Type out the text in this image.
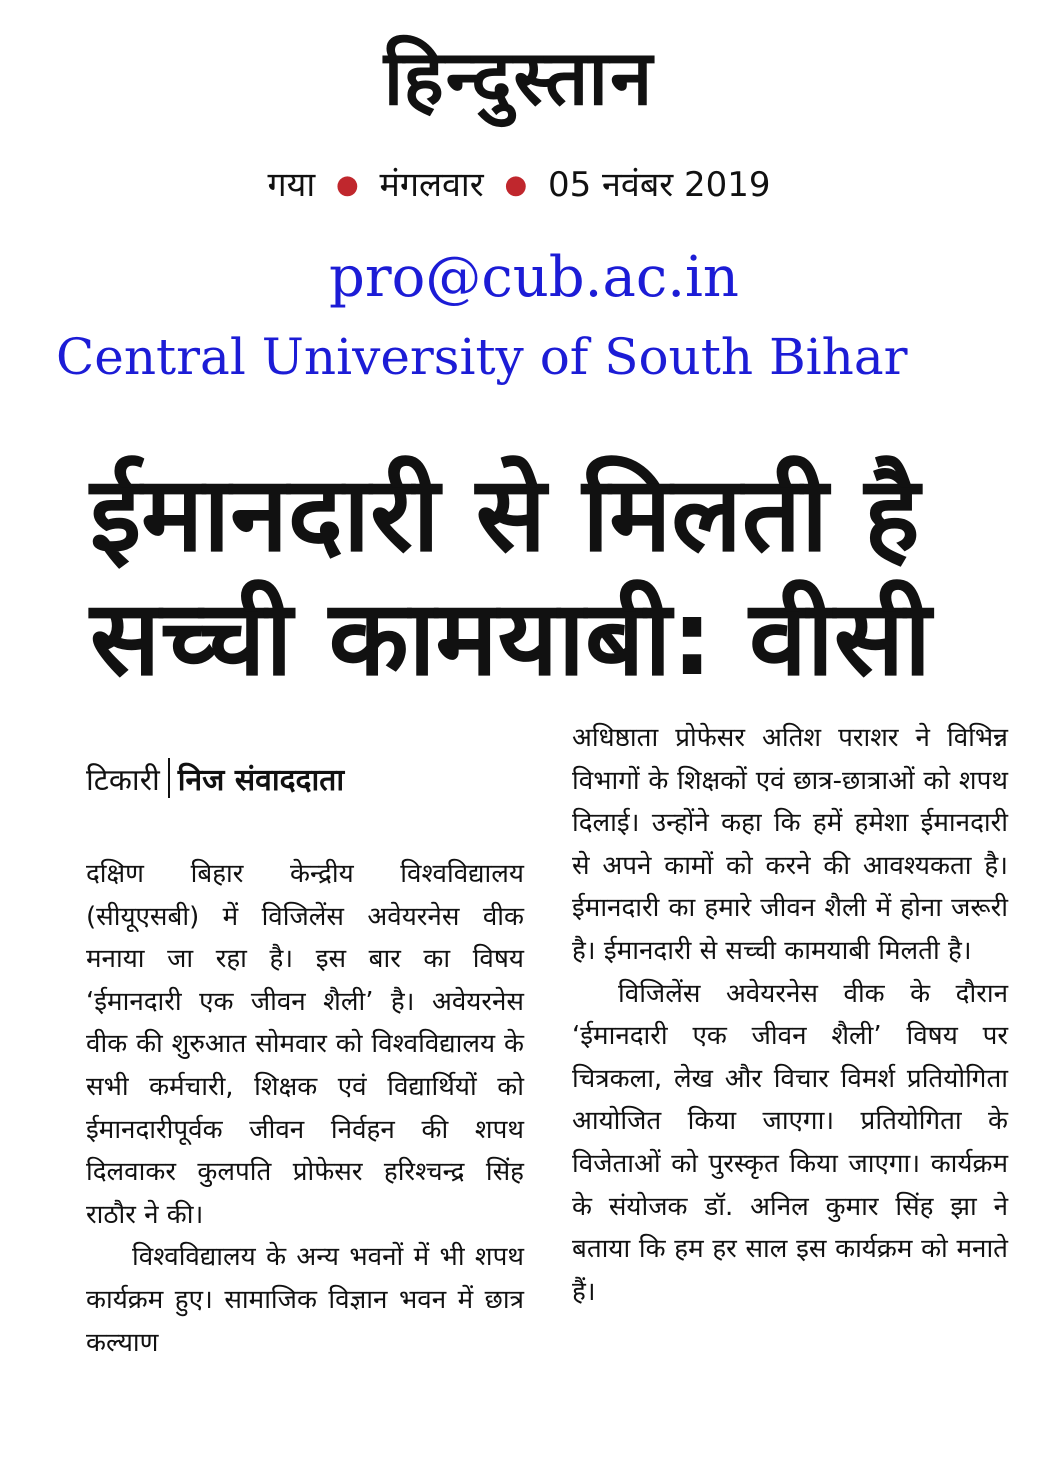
हिन्दुस्तान
गया ● मंगलवार ● 05 नवंबर 2019
pro@cub.ac.in
Central University of South Bihar
ईमानदारी से मिलती है
सच्ची कामयाबी: वीसी
टिकारी निज संवाददाता

दक्षिण बिहार केन्द्रीय विश्वविद्यालय (सीयूएसबी) में विजिलेंस अवेयरनेस वीक मनाया जा रहा है। इस बार का विषय ‘ईमानदारी एक जीवन शैली’ है। अवेयरनेस वीक की शुरुआत सोमवार को विश्वविद्यालय के सभी कर्मचारी, शिक्षक एवं विद्यार्थियों को ईमानदारीपूर्वक जीवन निर्वहन की शपथ दिलवाकर कुलपति प्रोफेसर हरिश्चन्द्र सिंह राठौर ने की।

विश्वविद्यालय के अन्य भवनों में भी शपथ कार्यक्रम हुए। सामाजिक विज्ञान भवन में छात्र कल्याण

अधिष्ठाता प्रोफेसर अतिश पराशर ने विभिन्न विभागों के शिक्षकों एवं छात्र-छात्राओं को शपथ दिलाई। उन्होंने कहा कि हमें हमेशा ईमानदारी से अपने कामों को करने की आवश्यकता है। ईमानदारी का हमारे जीवन शैली में होना जरूरी है। ईमानदारी से सच्ची कामयाबी मिलती है।

विजिलेंस अवेयरनेस वीक के दौरान ‘ईमानदारी एक जीवन शैली’ विषय पर चित्रकला, लेख और विचार विमर्श प्रतियोगिता आयोजित किया जाएगा। प्रतियोगिता के विजेताओं को पुरस्कृत किया जाएगा। कार्यक्रम के संयोजक डॉ. अनिल कुमार सिंह झा ने बताया कि हम हर साल इस कार्यक्रम को मनाते हैं।
